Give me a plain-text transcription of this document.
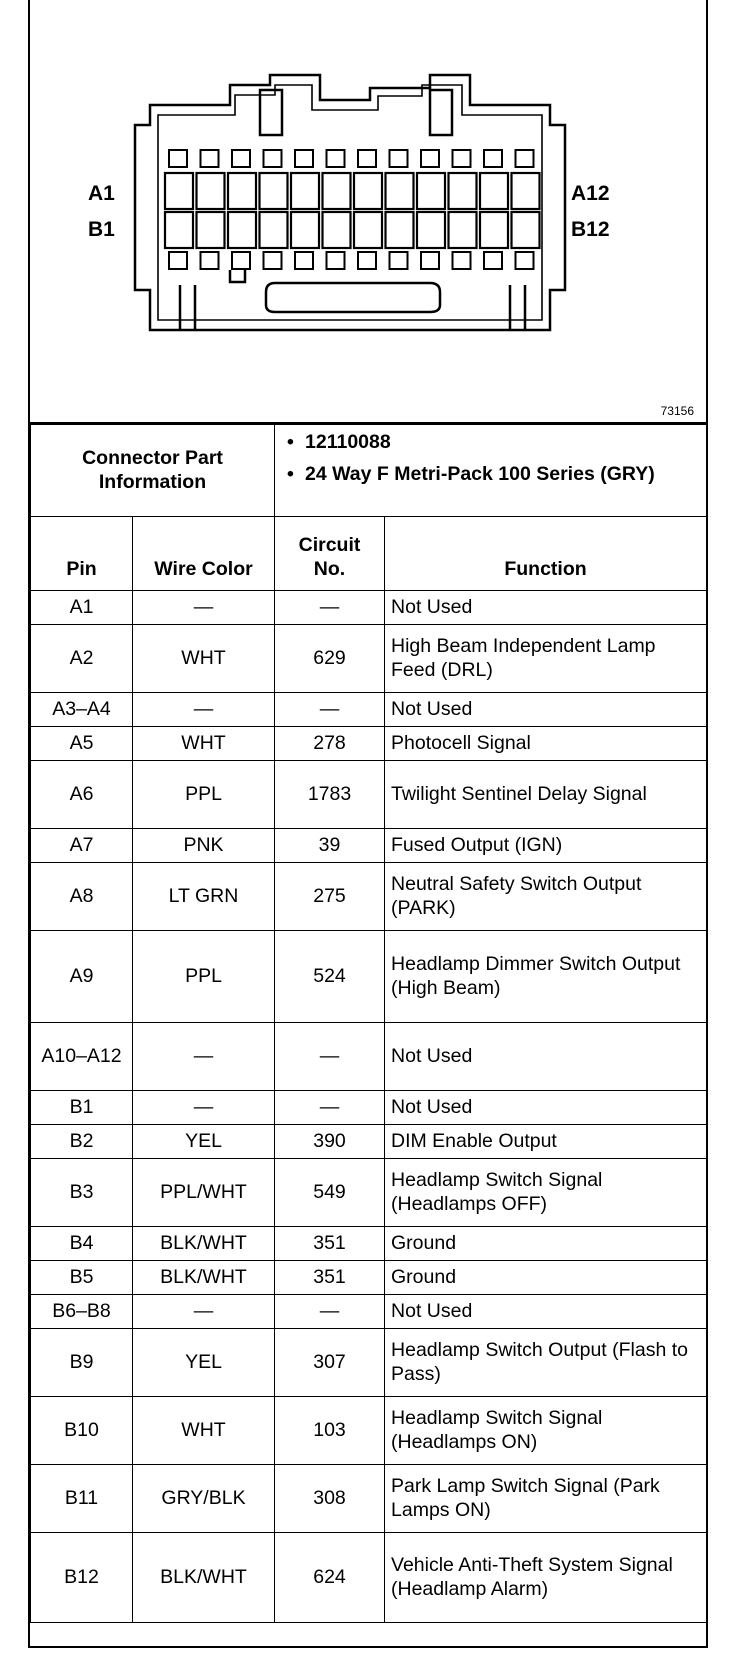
A1
B1
A12
B12
73156
Connector Part Information		• 12110088
• 24 Way F Metri-Pack 100 Series (GRY)

Pin	Wire Color	Circuit No.	Function
A1	—	—	Not Used
A2	WHT	629	High Beam Independent Lamp Feed (DRL)
A3–A4	—	—	Not Used
A5	WHT	278	Photocell Signal
A6	PPL	1783	Twilight Sentinel Delay Signal
A7	PNK	39	Fused Output (IGN)
A8	LT GRN	275	Neutral Safety Switch Output (PARK)
A9	PPL	524	Headlamp Dimmer Switch Output (High Beam)
A10–A12	—	—	Not Used
B1	—	—	Not Used
B2	YEL	390	DIM Enable Output
B3	PPL/WHT	549	Headlamp Switch Signal (Headlamps OFF)
B4	BLK/WHT	351	Ground
B5	BLK/WHT	351	Ground
B6–B8	—	—	Not Used
B9	YEL	307	Headlamp Switch Output (Flash to Pass)
B10	WHT	103	Headlamp Switch Signal (Headlamps ON)
B11	GRY/BLK	308	Park Lamp Switch Signal (Park Lamps ON)
B12	BLK/WHT	624	Vehicle Anti-Theft System Signal (Headlamp Alarm)
